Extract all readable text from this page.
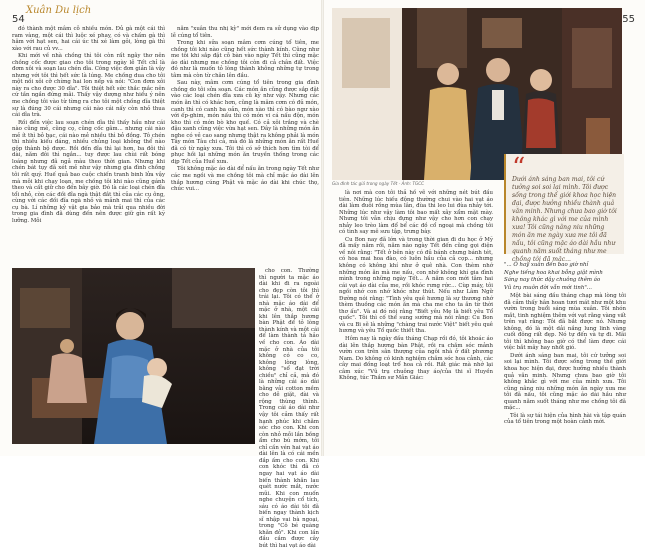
54
Xuân Du lịch

đó thành một mâm cỗ nhiều món. Đủ gà một cái thì ram vàng, một cái thì luộc xé phay, có và chấm gà thì hâm với hạt sen, hai cái úc thì xé làm gỏi, lòng gà thì xào với rau củ vv...

Khi mới về nhà chồng thì tôi còn rất ngây thơ nên chồng cốc được giao cho tôi trong ngày lễ Tết chỉ là đơm xôi và soạn lau chén dĩa. Công việc đơn giản là vậy nhưng với tôi thì hết sức là lúng. Me chồng dua cho tôi một nồi xôi cỡ chừng hai lon nếp và nói: "Con đơm xôi này ra cho được 30 dĩa". Tôi thiệt hết sức thắc mắc nên cứ tần ngần đứng mãi. Thấy vậy dượng như hiểu ý nên me chồng tôi vào từ từng ra cho tôi một chồng dĩa thiệt sự là đúng 30 cái nhưng cái nào cái nấy còn nhỏ thua cái dĩa trà.

Rồi đến việc lau soạn chén dĩa thì thấy hầu như cái nào cũng mẻ, cũng cọ, cũng cốc gãm... nhưng cái nào mẻ ít thì bỏ bạc, cái nào mẻ nhiều thì bỏ đồng. Tô chén thì nhiều kiểu dáng, nhiều chủng loại không thể nào gộp thành bộ được. Rồi đến đĩa thì lại hơn, ba đôi thì dài, năm đôi thì ngắn... tuy được lau chùi rất bóng loáng nhưng đã ngả màu theo thời gian. Nhưng khi chén bát tụy đã xét mẻ như vậy nhưng gia đình chồng tôi rất quý. Huế quả bao cuộc chiến tranh binh lửa vậy mà mỗi khi chạy loạn, me chồng tôi khi nào cũng gánh theo và cất giữ cho đến bây giờ. Đó là các loại chén đĩa tổi nhỏ, còn các đồi đĩa ngà thật đắt thì của các cụ ông, cùng với các đồi đĩa ngà nhỏ và mảnh mai thì của các cụ bà. Lí những kỷ vật gia bảo mà trải qua nhiều đời trong gia đình đã dùng đến nên được giữ gìn rất kỹ lưỡng. Mỗi

năm "xuân thu nhị kỳ" mới đem ra sử dụng vào dịp lễ cúng tổ tiên.

Trong khi sửa soạn mâm cơm cúng tổ tiên, me chồng tôi khi nào cũng hết sức thành kính. Cũng như me tôi khi sắp đặt cỗ bàn vào ngày Tết thì cũng mặc áo dài nhưng me chồng tôi còn đi cả chân đất. Việc đó như là muốn tỏ lòng thành không những tự trong tâm mà còn từ chân lên đầu.

Sau này, mâm cơm cúng tổ tiên trong gia đình chồng do tôi sửa soạn. Các món ăn cũng được sắp đặt vào các loại chén đĩa xưa cũ kỹ như vậy. Nhưng các món ăn thì có khác hơn, cũng là mâm cơm có đủ món, canh thì có canh ba oản, món xào thì có bào ngư xào với ếp-ghim, món nấu thì có món vi cá nấu độn, món kho thì có món bò kho quế. Có cả xôi trắng và chè đậu xanh cũng việc vừa hạt sen. Đây là những món ăn nghe có vẻ cao sang nhưng thật ra không phải là món Tây món Tàu chi cả, mà đó là những món ăn rất Huế đã có từ ngày xưa. Tôi thì có sở thích hơn tìm tòi để phục hồi lại những món ăn truyền thống trong các dịp Tết của Huế xưa.

Tôi không mặc áo dài để nấu ăn trong ngày Tết như các me ngồi và me chồng tôi mà chỉ mặc áo dài lên thắp hương cúng Phật và mặc áo dài khi chúc thọ, chúc vui...

cho con. Thường thì người ta mặc áo dài khi đi ra ngoài cho đẹp còn tôi thì trái lại. Tôi có thể ở nhà mặc áo dài để mặc ở nhà, một cái khi lên thắp hương bàn Phật để tỏ lòng thành kính và một cái để làm thành tả hảo về cho con. Áo dài mặc ở nhà của tôi không có co co, không lòng lòng, không "sổ đạt trời chiều" chỉ cả, mà đó là những cái áo dài bằng vải cotton mềm cho dễ giặt, dài và rộng thùng thình. Trong cái áo dài như vậy tôi cảm thấy rất hạnh phúc khi chăm sóc cho con. Khi con còn nhỏ mỗi lần bồng ẩm cho bú mớm, tôi chỉ cần vén hai vạt áo dài lên là có cái mền đắp ấm cho con. Khi con khóc thì đã có ngay hai vạt áo dài biến thành khăn lau quét nước mắt, nước mũi. Khi con muốn nghe chuyện cổ tích, sáu có áo dài tôi đã biến ngay thành kịch sĩ nhập vai bà ngoại, trong "Cô bé quàng khăn đỏ". Khi con lần đầu cầm được cây bút thì hai vạt áo dài

55
Gia đình tác giả trong ngày Tết - Ảnh: TGCC

là nơi mà con tôi thả hồ vẽ với những nét bút đầu tiên. Những lúc hiếu động thường chui vào hai vạt áo dài làm đuôi rồng mùa lân, đùa thì leo lui đùa nhảy tới. Những lúc như vậy làm tôi bao mất xây xẩm mặt mày. Nhưng tôi vẫn chịu đựng như vậy cho hơn con chạy nhảy leo trèo làm đổ bể các đồ cổ ngoại mà chồng tôi có tình say mê sưu tập, trưng bày.

Cu Bon nay đã lớn và trong thời gian đi du học ở Mỹ đã mấy năm rồi, năm nào ngày Tết đến cũng gọi điện về nói rằng: "Tết ở bên này có đủ bánh chưng bánh tét, có hoa mai hoa đào, có luôn hầu của cả cọp... nhưng không có không khí như ở quê nhà. Con thèm nhớ những món ăn mà me nấu, con nhớ không khí gia đình mình trong những ngày Tết... À năm con mới tâm hai cái vạt áo dài của me, rồi khóc rưng rức... Cùp máy, tôi ngồi nhớ con nhớ khóc như thút. Nếu như Lâm Ngữ Đường nói rằng: "Tình yêu quê hương là sự thương nhớ thèm thuồng các món ăn mà cha me cho ta ăn từ thời thơ ấu". Và ai đó nói rằng "Biết yêu Mẹ là biết yêu Tổ quốc". Tôi thì cố thể sung sướng mà nói rằng: Cu Bon và cu Bi sẽ là những "chàng trai nước Việt" biết yêu quê hương và yêu Tổ quốc thiết tha.

Hôm nay là ngày đầu tháng Chạp rồi đó, tôi khoác áo dài lên thắp hương bàn Phật, rồi ra chăm sóc mảnh vườn con trên sân thượng của ngôi nhà ở đất phương Nam. Do không có kinh nghiệm chăm sóc hoa cảnh, các cây mai đồng loạt trổ hoa cả rồi. Rất giác mà nhớ lại câm xúc "Vũ trụ chuông thay áo/của thi sĩ Huyền Không, túc Thầm sư Mẫn Giác:

“
Dưới ánh sáng ban mai, tôi cứ tưởng soi soi lại mình. Tôi được sống trong thế giới khoa học hiện đại, được hưởng nhiều thành quả văn minh. Nhưng chưa bao giờ tôi không khác gì với me của mình xưa! Tôi cũng nâng niu những món ăn me ngày xưa me tôi đã nấu, tôi cũng mặc áo dài hầu như quanh năm suốt tháng như me chồng tôi đã mặc...

"... Ô hay xuân đến bao giờ nhỉ

Nghe tiếng hoa khai bỗng giật mình

Sáng nay thức dậy chuông thêm áo

Vũ trụ muôn đời vẫn mới tinh"...

Một bài sáng đầu tháng chạp mà lòng tôi đã cảm thấy hân hoan tươi mát như một khu vườn trong buổi sáng mùa xuân. Tôi nhón mắt, tinh nghiệm thêm với vạt rằng vàng vất trên vạt rằng: Tôi đã bắt được nó. Nhưng không, đó là một dải nắng lung linh vàng cuối đông rất đẹp. Nó tự đến và tự đi. Mãi tôi thì không bao giờ có thể làm được cái việc bắt mây hay nhốt gió.

Dưới ánh sáng ban mai, tôi cứ tưởng soi soi lại mình. Tôi được sống trong thế giới khoa học hiện đại, được hưởng nhiều thành quả văn minh. Nhưng chưa bao giờ tôi không khắc gì với me của mình xưa. Tôi cũng nâng niu những món ăn ngày xưa me tôi đã nấu, tôi cũng mặc áo dài hầu như quanh năm suốt tháng như me chồng tôi đã mặc...

Tôi là sự tái hiện của hình hài và tập quán của tổ tiên trong một hoàn cảnh mới.
